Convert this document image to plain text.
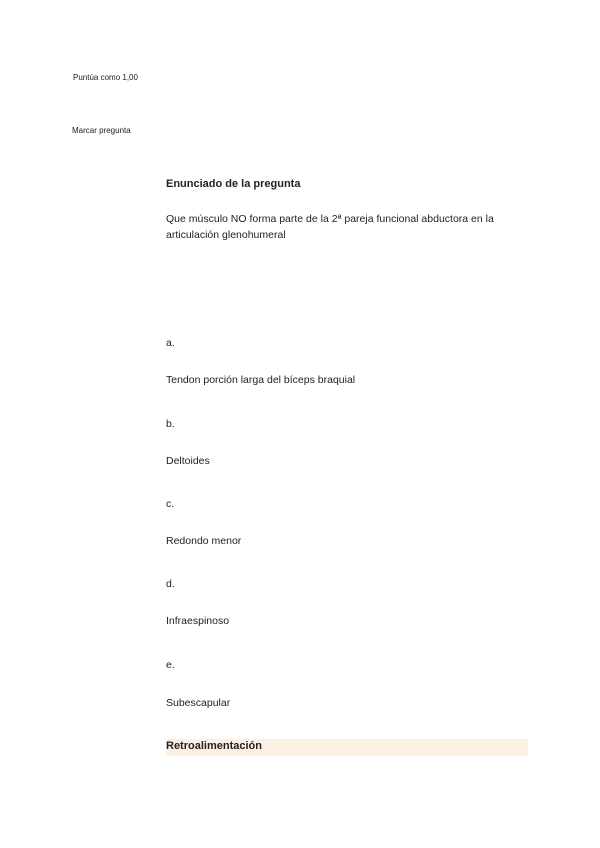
Puntúa como 1,00
Marcar pregunta
Enunciado de la pregunta
Que músculo NO forma parte de la 2ª pareja funcional abductora en la articulación glenohumeral
a.
Tendon porción larga del bíceps braquial
b.
Deltoides
c.
Redondo menor
d.
Infraespinoso
e.
Subescapular
Retroalimentación
